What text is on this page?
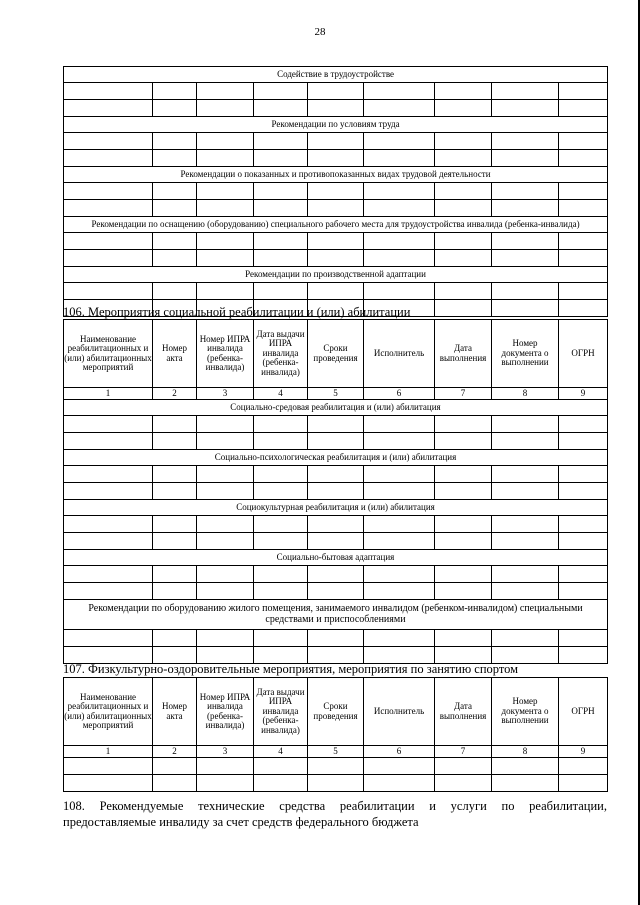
28
Содействие в трудоустройстве								

Рекомендации по условиям труда								

Рекомендации о показанных и противопоказанных видах трудовой деятельности								

Рекомендации по оснащению (оборудованию) специального рабочего места для трудоустройства инвалида (ребенка-инвалида)								

Рекомендации по производственной адаптации								

106. Мероприятия социальной реабилитации и (или) абилитации
Наименование реабилитационных и (или) абилитационных мероприятий	Номер акта	Номер ИПРА инвалида (ребенка-инвалида)	Дата выдачи ИПРА инвалида (ребенка-инвалида)	Сроки проведения	Исполнитель	Дата выполнения	Номер документа о выполнении	ОГРН
1	2	3	4	5	6	7	8	9
Социально-средовая реабилитация и (или) абилитация								

Социально-психологическая реабилитация и (или) абилитация								

Социокультурная реабилитация и (или) абилитация								

Социально-бытовая адаптация								

Рекомендации по оборудованию жилого помещения, занимаемого инвалидом (ребенком-инвалидом) специальными средствами и приспособлениями								

107. Физкультурно-оздоровительные мероприятия, мероприятия по занятию спортом
Наименование реабилитационных и (или) абилитационных мероприятий	Номер акта	Номер ИПРА инвалида (ребенка-инвалида)	Дата выдачи ИПРА инвалида (ребенка-инвалида)	Сроки проведения	Исполнитель	Дата выполнения	Номер документа о выполнении	ОГРН
1	2	3	4	5	6	7	8	9

108. Рекомендуемые технические средства реабилитации и услуги по реабилитации,
предоставляемые инвалиду за счет средств федерального бюджета
